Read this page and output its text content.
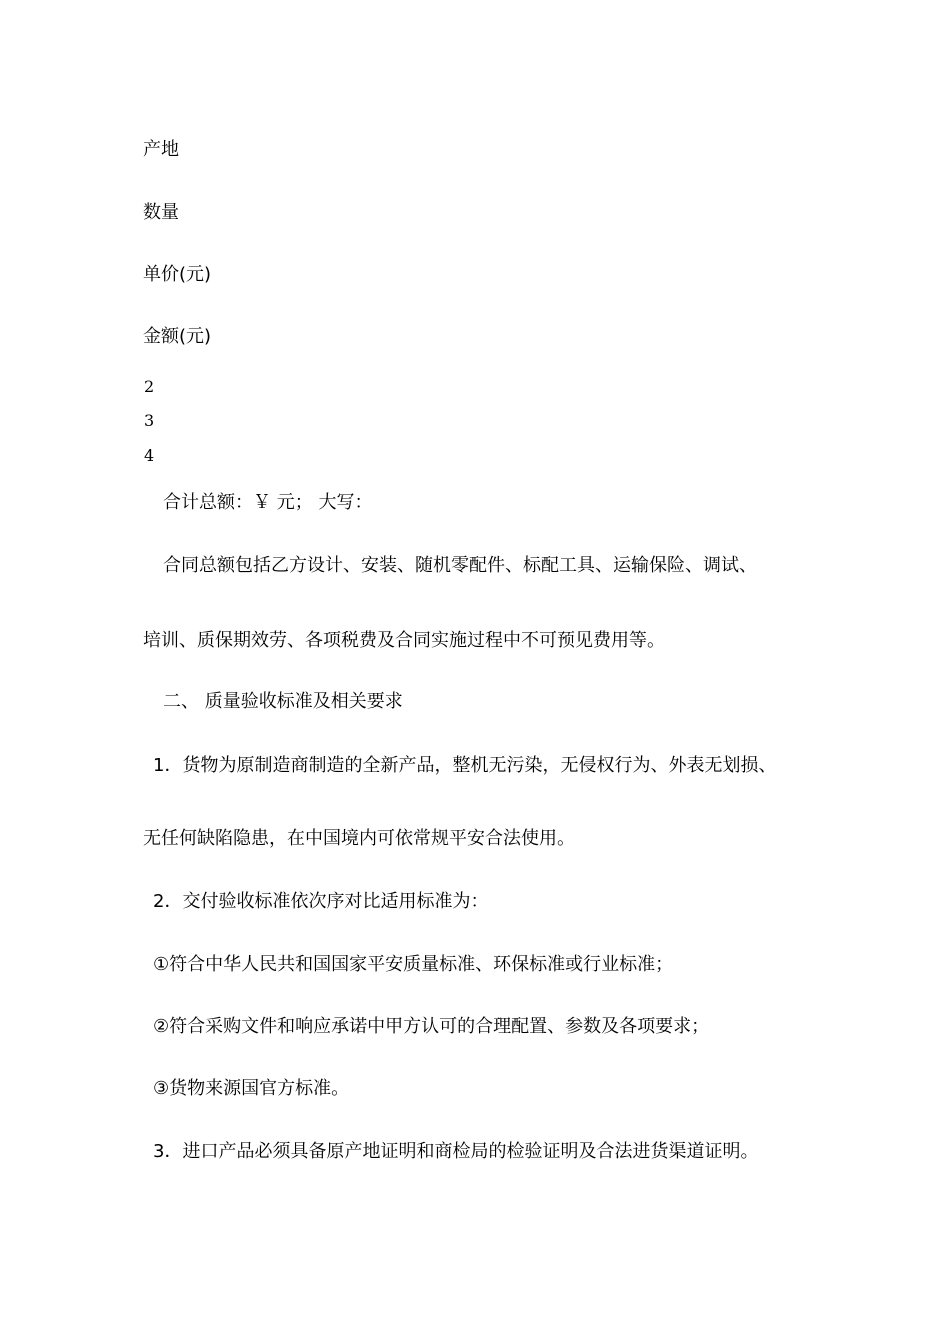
产地
数量
单价(元)
金额(元)
2
3
4
合计总额：￥ 元； 大写：
合同总额包括乙方设计、安装、随机零配件、标配工具、运输保险、调试、
培训、质保期效劳、各项税费及合同实施过程中不可预见费用等。
二、 质量验收标准及相关要求
1．货物为原制造商制造的全新产品，整机无污染，无侵权行为、外表无划损、
无任何缺陷隐患，在中国境内可依常规平安合法使用。
2．交付验收标准依次序对比适用标准为：
①符合中华人民共和国国家平安质量标准、环保标准或行业标准；
②符合采购文件和响应承诺中甲方认可的合理配置、参数及各项要求；
③货物来源国官方标准。
3．进口产品必须具备原产地证明和商检局的检验证明及合法进货渠道证明。
